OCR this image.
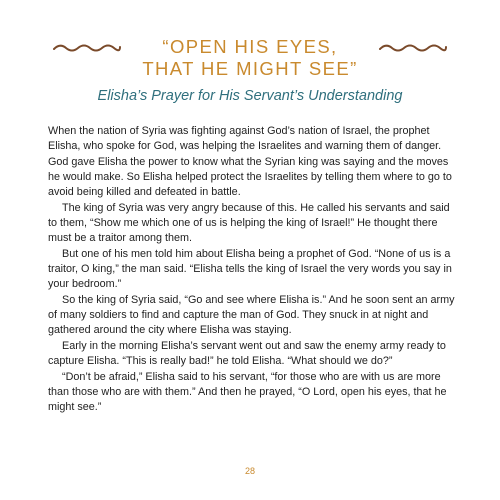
“OPEN HIS EYES,
THAT HE MIGHT SEE”
Elisha’s Prayer for His Servant’s Understanding

When the nation of Syria was fighting against God’s nation of Israel, the prophet Elisha, who spoke for God, was helping the Israelites and warning them of danger. God gave Elisha the power to know what the Syrian king was saying and the moves he would make. So Elisha helped protect the Israelites by telling them where to go to avoid being killed and defeated in battle.

The king of Syria was very angry because of this. He called his servants and said to them, “Show me which one of us is helping the king of Israel!” He thought there must be a traitor among them.

But one of his men told him about Elisha being a prophet of God. “None of us is a traitor, O king,” the man said. “Elisha tells the king of Israel the very words you say in your bedroom.”

So the king of Syria said, “Go and see where Elisha is.” And he soon sent an army of many soldiers to find and capture the man of God. They snuck in at night and gathered around the city where Elisha was staying.

Early in the morning Elisha’s servant went out and saw the enemy army ready to capture Elisha. “This is really bad!” he told Elisha. “What should we do?”

“Don’t be afraid,” Elisha said to his servant, “for those who are with us are more than those who are with them.” And then he prayed, “O Lord, open his eyes, that he might see.”

28
